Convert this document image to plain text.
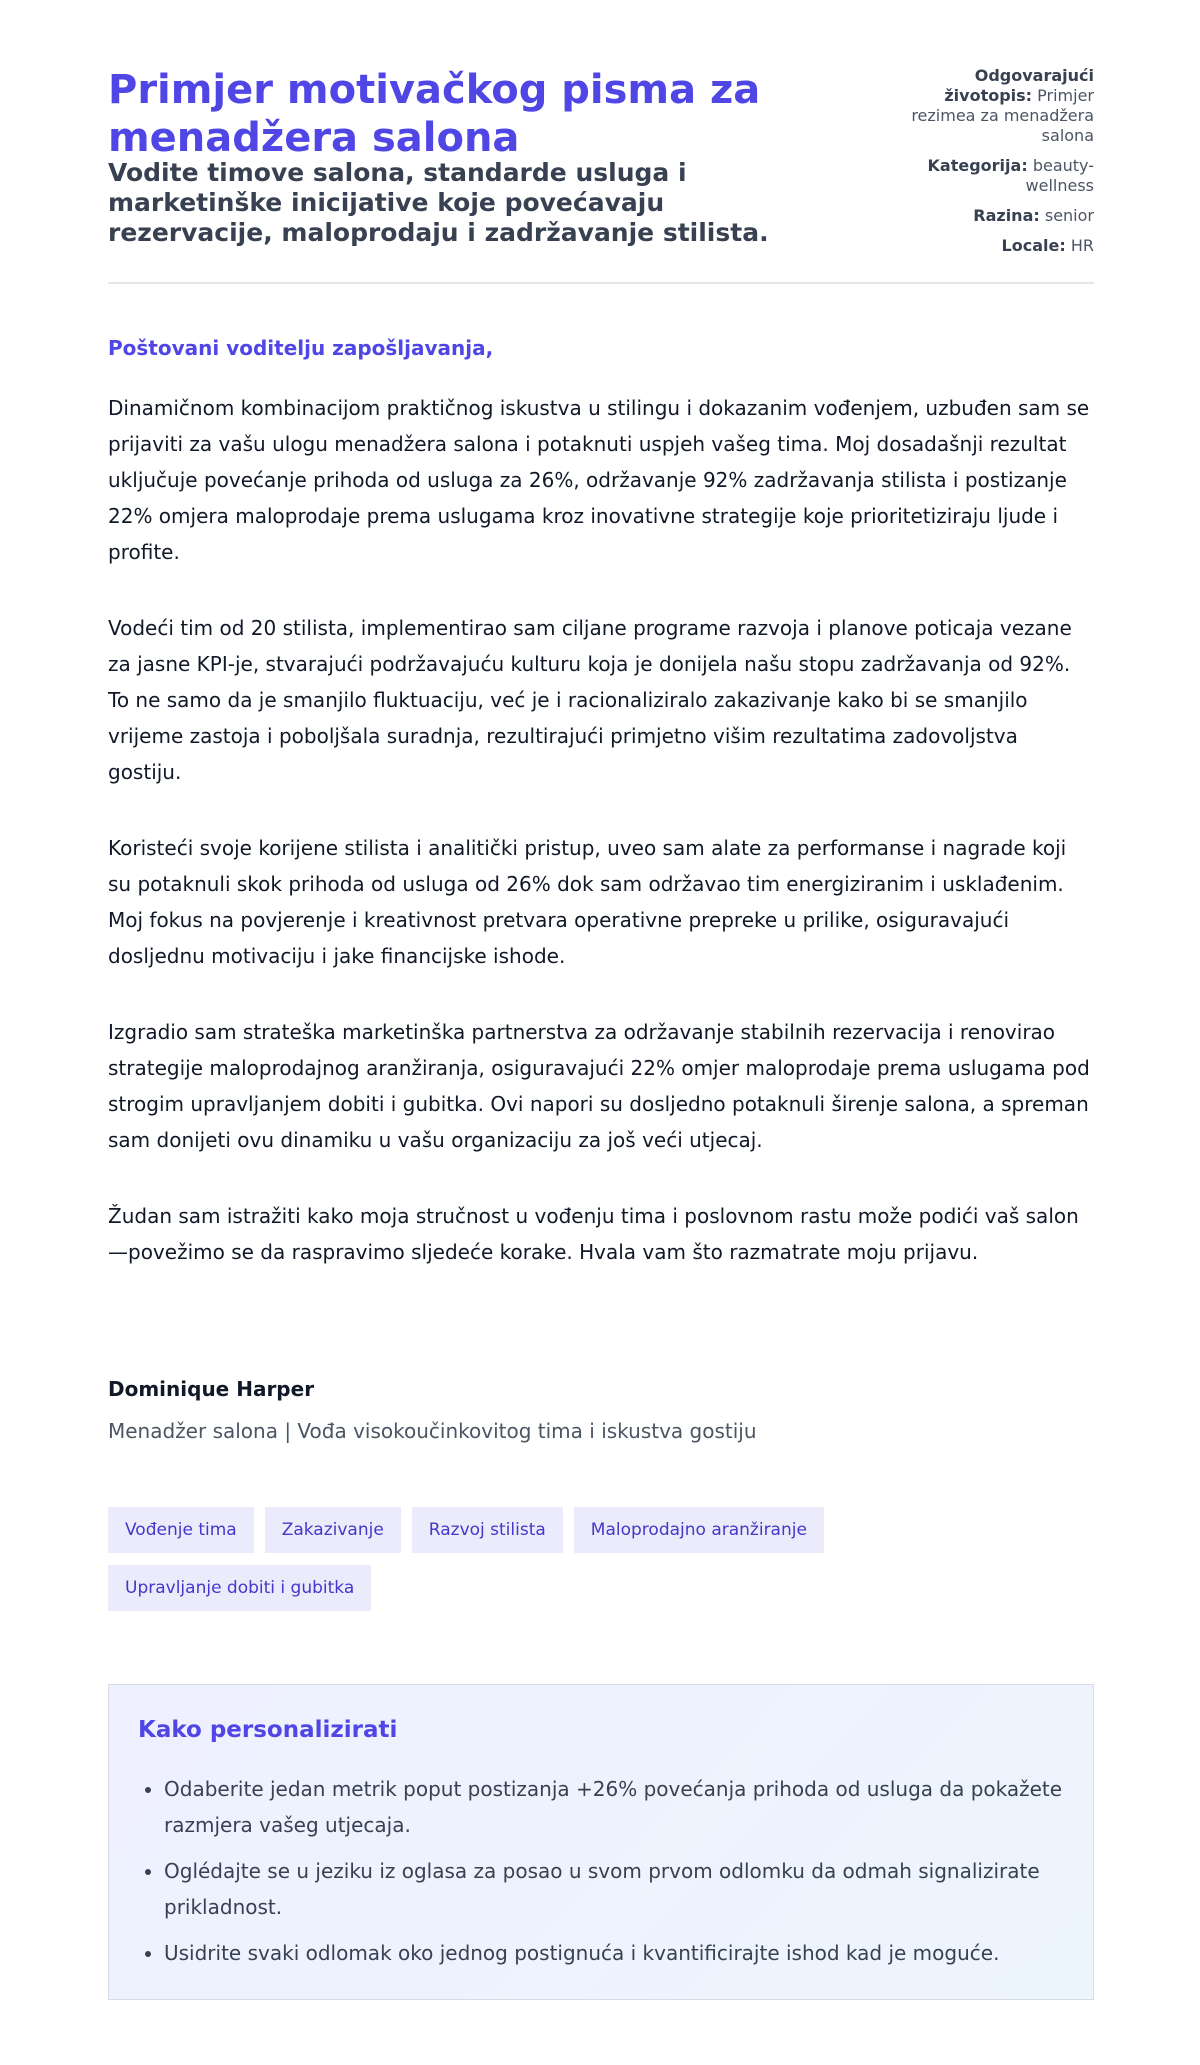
Primjer motivačkog pisma za menadžera salona
Vodite timove salona, standarde usluga i marketinške inicijative koje povećavaju rezervacije, maloprodaju i zadržavanje stilista.
Odgovarajući životopis: Primjer rezimea za menadžera salona
Kategorija: beauty-wellness
Razina: senior
Locale: HR

Poštovani voditelju zapošljavanja,

Dinamičnom kombinacijom praktičnog iskustva u stilingu i dokazanim vođenjem, uzbuđen sam se prijaviti za vašu ulogu menadžera salona i potaknuti uspjeh vašeg tima. Moj dosadašnji rezultat uključuje povećanje prihoda od usluga za 26%, održavanje 92% zadržavanja stilista i postizanje 22% omjera maloprodaje prema uslugama kroz inovativne strategije koje prioritetiziraju ljude i profite.

Vodeći tim od 20 stilista, implementirao sam ciljane programe razvoja i planove poticaja vezane za jasne KPI-je, stvarajući podržavajuću kulturu koja je donijela našu stopu zadržavanja od 92%. To ne samo da je smanjilo fluktuaciju, već je i racionaliziralo zakazivanje kako bi se smanjilo vrijeme zastoja i poboljšala suradnja, rezultirajući primjetno višim rezultatima zadovoljstva gostiju.

Koristeći svoje korijene stilista i analitički pristup, uveo sam alate za performanse i nagrade koji su potaknuli skok prihoda od usluga od 26% dok sam održavao tim energiziranim i usklađenim. Moj fokus na povjerenje i kreativnost pretvara operativne prepreke u prilike, osiguravajući dosljednu motivaciju i jake financijske ishode.

Izgradio sam strateška marketinška partnerstva za održavanje stabilnih rezervacija i renovirao strategije maloprodajnog aranžiranja, osiguravajući 22% omjer maloprodaje prema uslugama pod strogim upravljanjem dobiti i gubitka. Ovi napori su dosljedno potaknuli širenje salona, a spreman sam donijeti ovu dinamiku u vašu organizaciju za još veći utjecaj.

Žudan sam istražiti kako moja stručnost u vođenju tima i poslovnom rastu može podići vaš salon—povežimo se da raspravimo sljedeće korake. Hvala vam što razmatrate moju prijavu.

Dominique Harper
Menadžer salona | Vođa visokoučinkovitog tima i iskustva gostiju
Vođenje tima	Zakazivanje	Razvoj stilista	Maloprodajno aranžiranje
Upravljanje dobiti i gubitka
Kako personalizirati
• Odaberite jedan metrik poput postizanja +26% povećanja prihoda od usluga da pokažete razmjera vašeg utjecaja.
• Oglédajte se u jeziku iz oglasa za posao u svom prvom odlomku da odmah signalizirate prikladnost.
• Usidrite svaki odlomak oko jednog postignuća i kvantificirajte ishod kad je moguće.
